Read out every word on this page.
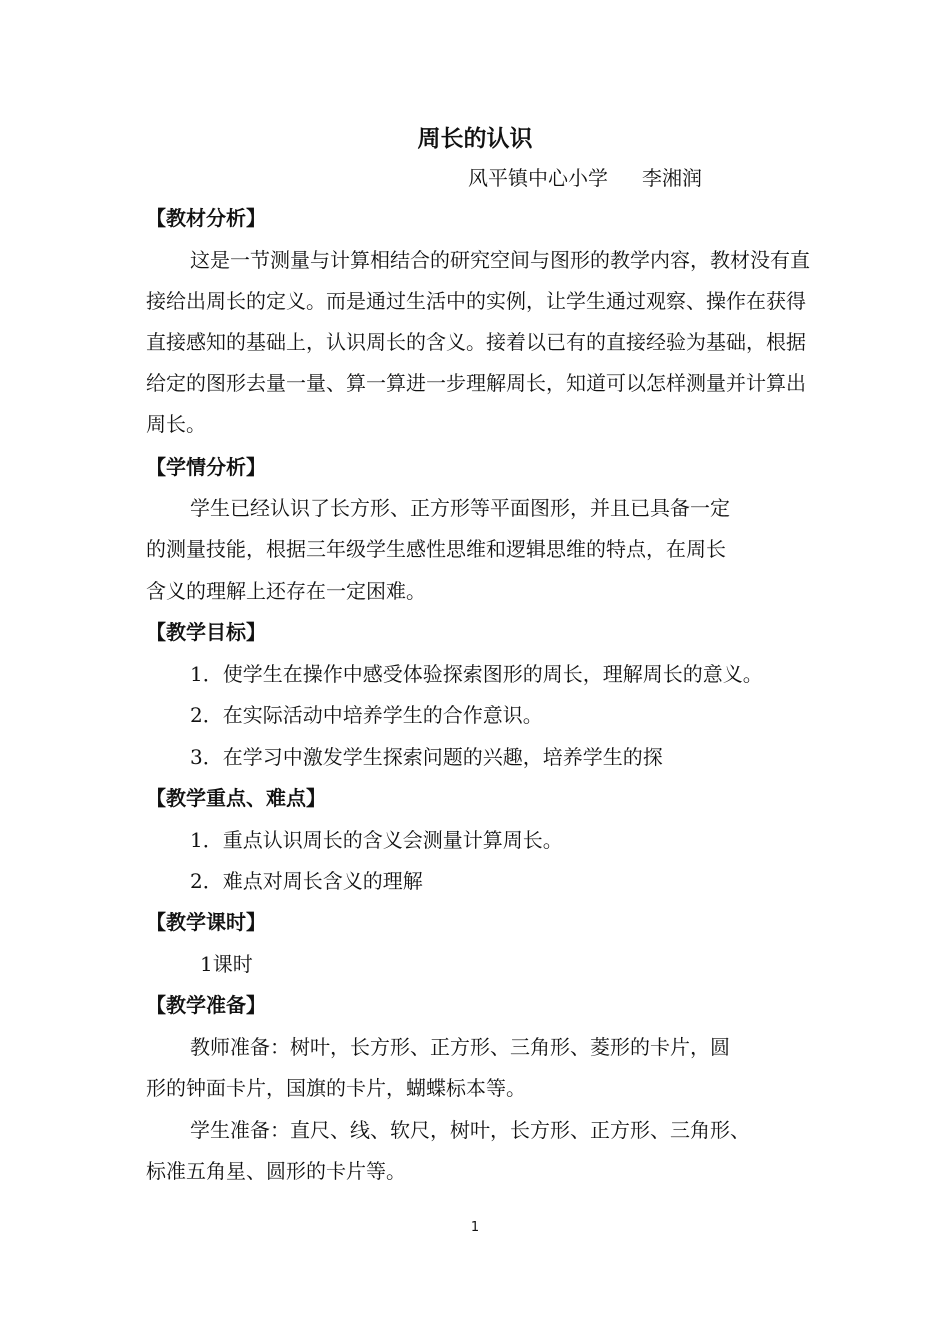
周长的认识
风平镇中心小学 李湘润
【教材分析】
这是一节测量与计算相结合的研究空间与图形的教学内容，教材没有直接给出周长的定义。而是通过生活中的实例，让学生通过观察、操作在获得直接感知的基础上，认识周长的含义。接着以已有的直接经验为基础，根据给定的图形去量一量、算一算进一步理解周长，知道可以怎样测量并计算出周长。
【学情分析】
学生已经认识了长方形、正方形等平面图形，并且已具备一定
的测量技能，根据三年级学生感性思维和逻辑思维的特点，在周长
含义的理解上还存在一定困难。
【教学目标】
1．使学生在操作中感受体验探索图形的周长，理解周长的意义。
2．在实际活动中培养学生的合作意识。
3．在学习中激发学生探索问题的兴趣，培养学生的探
【教学重点、难点】
1．重点认识周长的含义会测量计算周长。
2．难点对周长含义的理解
【教学课时】
1课时
【教学准备】
教师准备：树叶，长方形、正方形、三角形、菱形的卡片，圆
形的钟面卡片，国旗的卡片，蝴蝶标本等。
学生准备：直尺、线、软尺，树叶，长方形、正方形、三角形、
标准五角星、圆形的卡片等。
1
